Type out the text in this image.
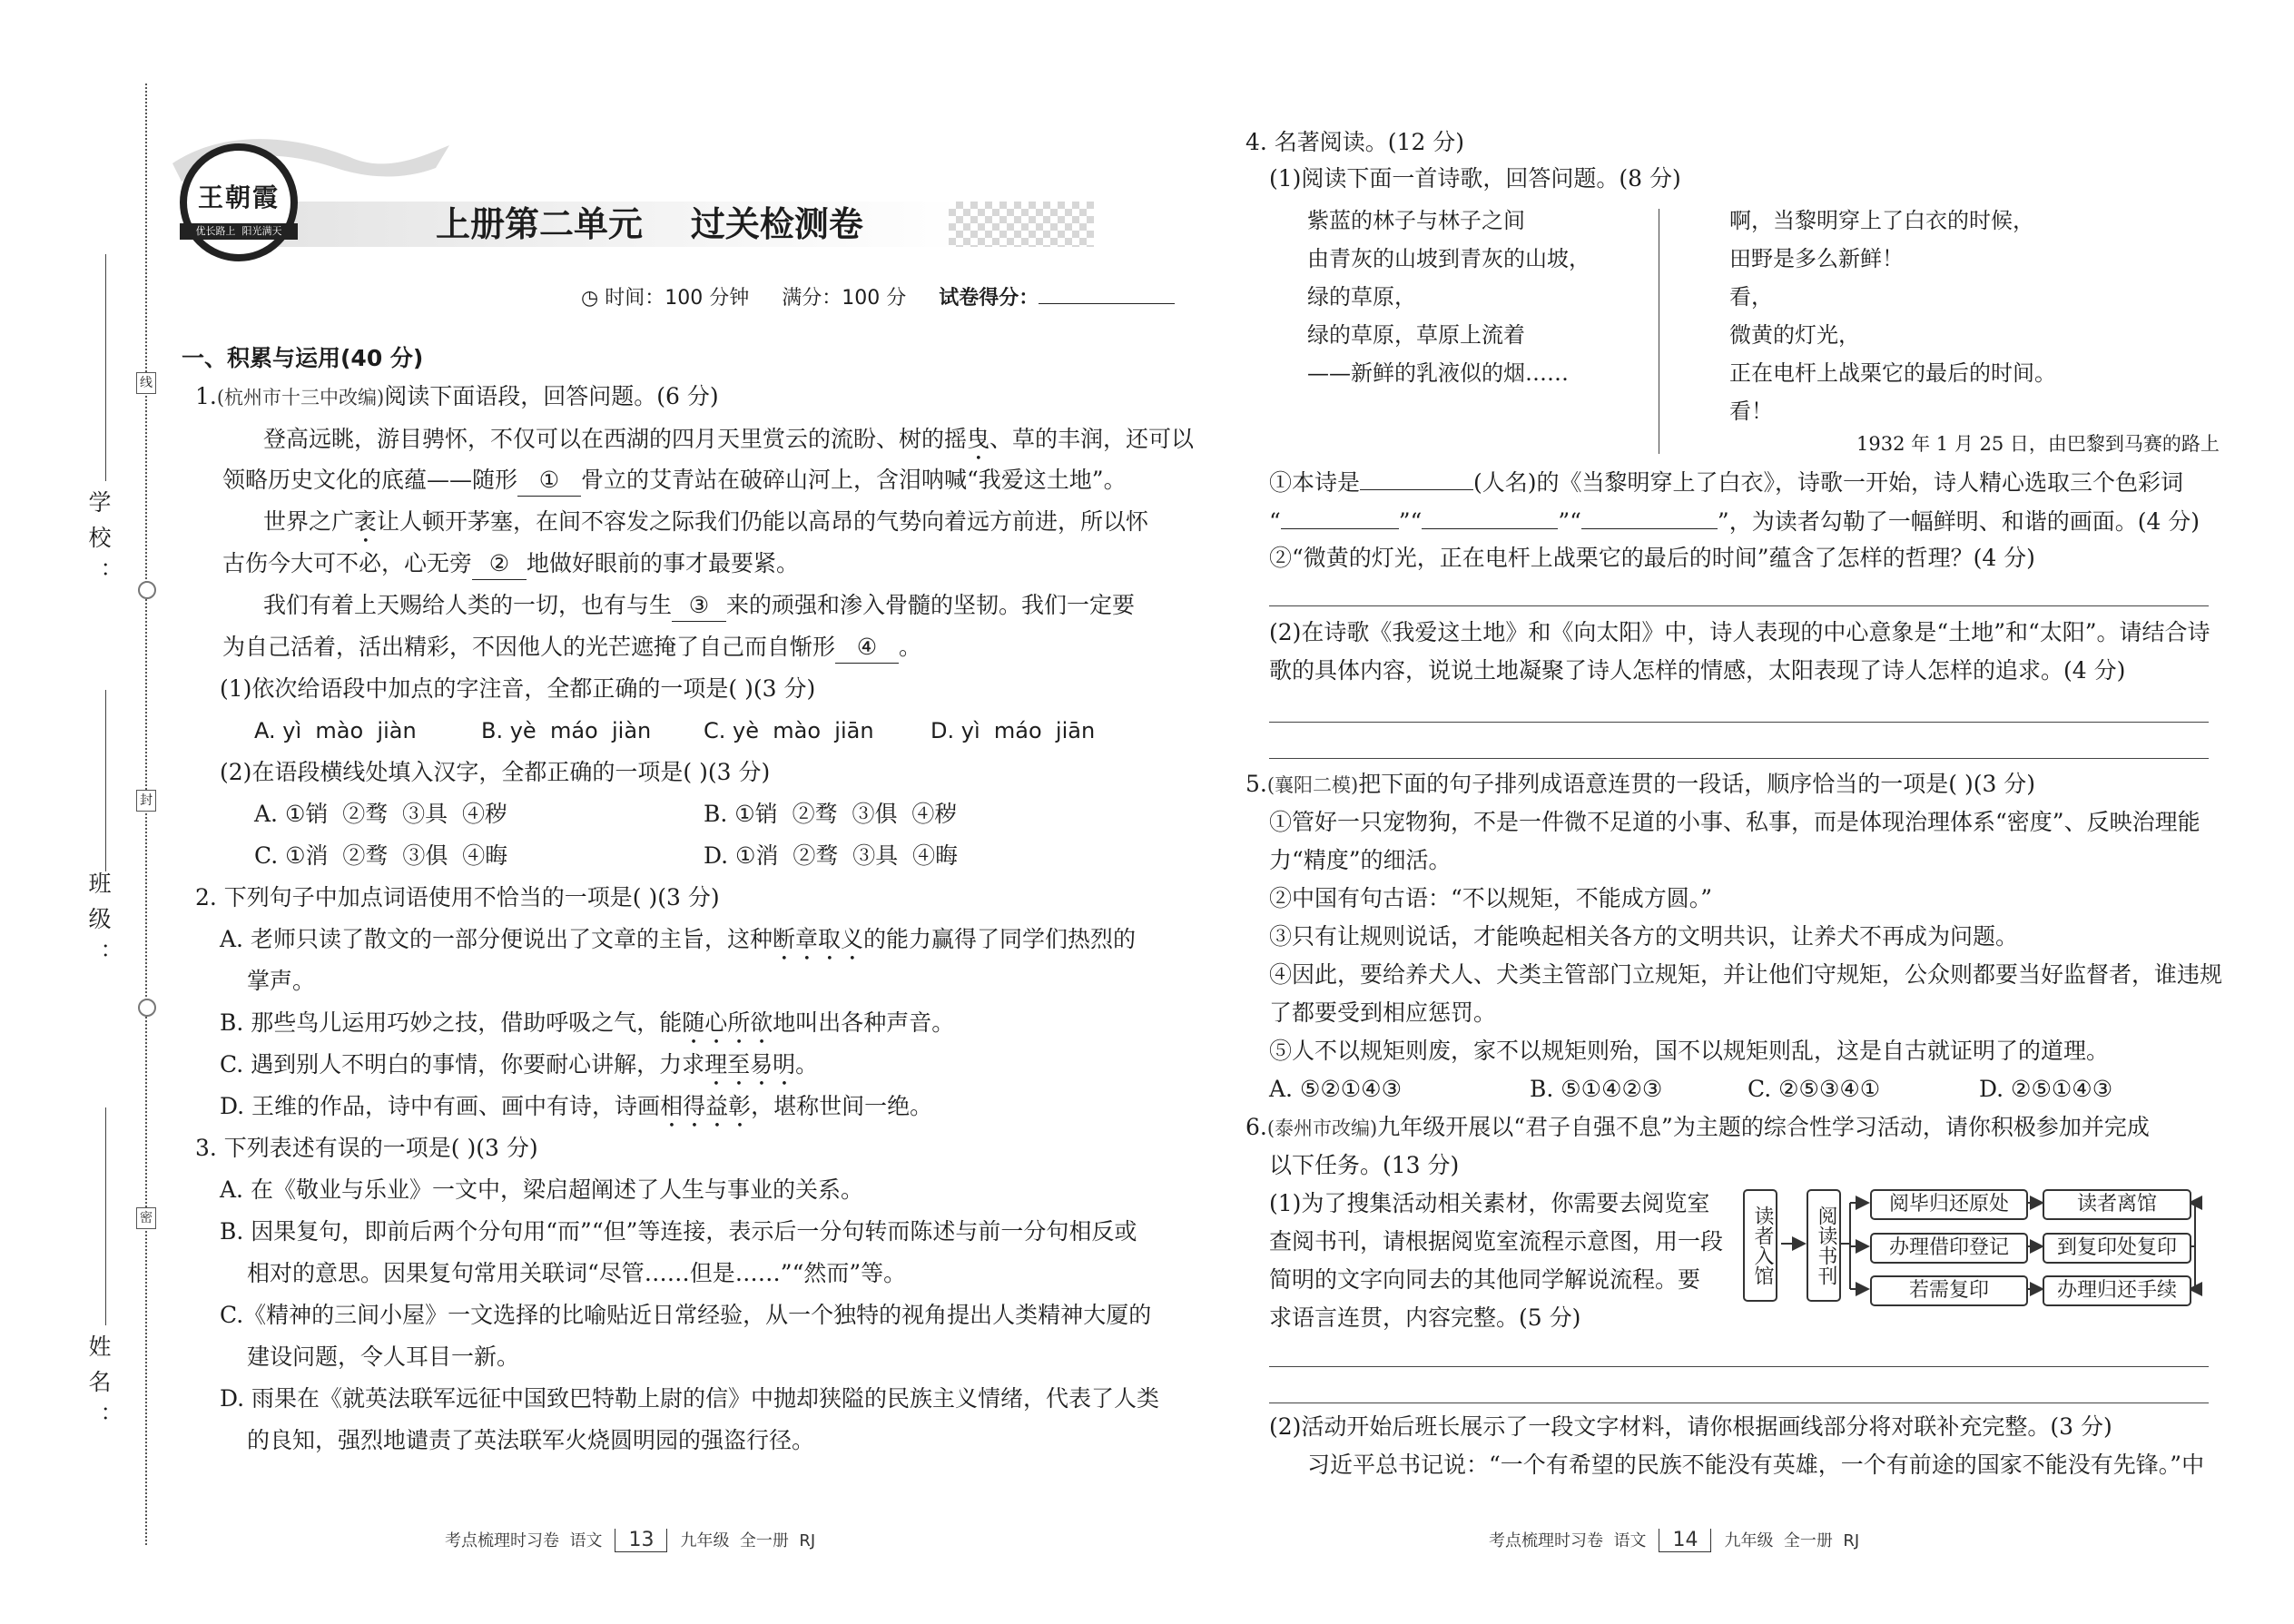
学校：
班级：
姓名：
线
封
密
上册第二单元    过关检测卷
王朝霞
优长路上  阳光满天
◷ 时间：100 分钟 满分：100 分 试卷得分：
一、积累与运用(40 分)
1.(杭州市十三中改编)阅读下面语段，回答问题。(6 分)
登高远眺，游目骋怀，不仅可以在西湖的四月天里赏云的流盼、树的摇曳、草的丰润，还可以
领略历史文化的底蕴——随形 ① 骨立的艾青站在破碎山河上，含泪呐喊“我爱这土地”。
世界之广袤让人顿开茅塞，在间不容发之际我们仍能以高昂的气势向着远方前进，所以怀
古伤今大可不必，心无旁 ② 地做好眼前的事才最要紧。
我们有着上天赐给人类的一切，也有与生 ③ 来的顽强和渗入骨髓的坚韧。我们一定要
为自己活着，活出精彩，不因他人的光芒遮掩了自己而自惭形 ④ 。
(1)依次给语段中加点的字注音，全都正确的一项是( )(3 分)
A. yì  mào  jiàn	B. yè  máo  jiàn C. yè  mào  jiān	D. yì  máo  jiān
(2)在语段横线处填入汉字，全都正确的一项是( )(3 分)
A. ①销  ②骛  ③具  ④秽	B. ①销  ②骛  ③俱  ④秽
C. ①消  ②骛  ③俱  ④晦	D. ①消  ②骛  ③具  ④晦
2. 下列句子中加点词语使用不恰当的一项是( )(3 分)
A. 老师只读了散文的一部分便说出了文章的主旨，这种断章取义的能力赢得了同学们热烈的
掌声。
B. 那些鸟儿运用巧妙之技，借助呼吸之气，能随心所欲地叫出各种声音。
C. 遇到别人不明白的事情，你要耐心讲解，力求理至易明。
D. 王维的作品，诗中有画、画中有诗，诗画相得益彰，堪称世间一绝。
3. 下列表述有误的一项是( )(3 分)
A. 在《敬业与乐业》一文中，梁启超阐述了人生与事业的关系。
B. 因果复句，即前后两个分句用“而”“但”等连接，表示后一分句转而陈述与前一分句相反或
相对的意思。因果复句常用关联词“尽管……但是……”“然而”等。
C.《精神的三间小屋》一文选择的比喻贴近日常经验，从一个独特的视角提出人类精神大厦的
建设问题，令人耳目一新。
D. 雨果在《就英法联军远征中国致巴特勒上尉的信》中抛却狭隘的民族主义情绪，代表了人类
的良知，强烈地谴责了英法联军火烧圆明园的强盗行径。
考点梳理时习卷  语文 13 九年级  全一册  RJ
4. 名著阅读。(12 分)
(1)阅读下面一首诗歌，回答问题。(8 分)
紫蓝的林子与林子之间
由青灰的山坡到青灰的山坡，
绿的草原，
绿的草原，草原上流着
——新鲜的乳液似的烟……
啊，当黎明穿上了白衣的时候，
田野是多么新鲜！
看，
微黄的灯光，
正在电杆上战栗它的最后的时间。
看！
1932 年 1 月 25 日，由巴黎到马赛的路上
①本诗是	(人名)的《当黎明穿上了白衣》，诗歌一开始，诗人精心选取三个色彩词
“	”“	”“	”，为读者勾勒了一幅鲜明、和谐的画面。(4 分)
②“微黄的灯光，正在电杆上战栗它的最后的时间”蕴含了怎样的哲理？(4 分)
(2)在诗歌《我爱这土地》和《向太阳》中，诗人表现的中心意象是“土地”和“太阳”。请结合诗
歌的具体内容，说说土地凝聚了诗人怎样的情感，太阳表现了诗人怎样的追求。(4 分)
5.(襄阳二模)把下面的句子排列成语意连贯的一段话，顺序恰当的一项是( )(3 分)
①管好一只宠物狗，不是一件微不足道的小事、私事，而是体现治理体系“密度”、反映治理能
力“精度”的细活。
②中国有句古语：“不以规矩，不能成方圆。”
③只有让规则说话，才能唤起相关各方的文明共识，让养犬不再成为问题。
④因此，要给养犬人、犬类主管部门立规矩，并让他们守规矩，公众则都要当好监督者，谁违规
了都要受到相应惩罚。
⑤人不以规矩则废，家不以规矩则殆，国不以规矩则乱，这是自古就证明了的道理。
A. ⑤②①④③	B. ⑤①④②③	C. ②⑤③④①	D. ②⑤①④③
6.(泰州市改编)九年级开展以“君子自强不息”为主题的综合性学习活动，请你积极参加并完成
以下任务。(13 分)
(1)为了搜集活动相关素材，你需要去阅览室
查阅书刊，请根据阅览室流程示意图，用一段
简明的文字向同去的其他同学解说流程。要
求语言连贯，内容完整。(5 分)
读者入馆	阅读书刊
阅毕归还原处
办理借印登记
若需复印
读者离馆
到复印处复印
办理归还手续
(2)活动开始后班长展示了一段文字材料，请你根据画线部分将对联补充完整。(3 分)
习近平总书记说：“一个有希望的民族不能没有英雄，一个有前途的国家不能没有先锋。”中
考点梳理时习卷  语文 14 九年级  全一册  RJ
